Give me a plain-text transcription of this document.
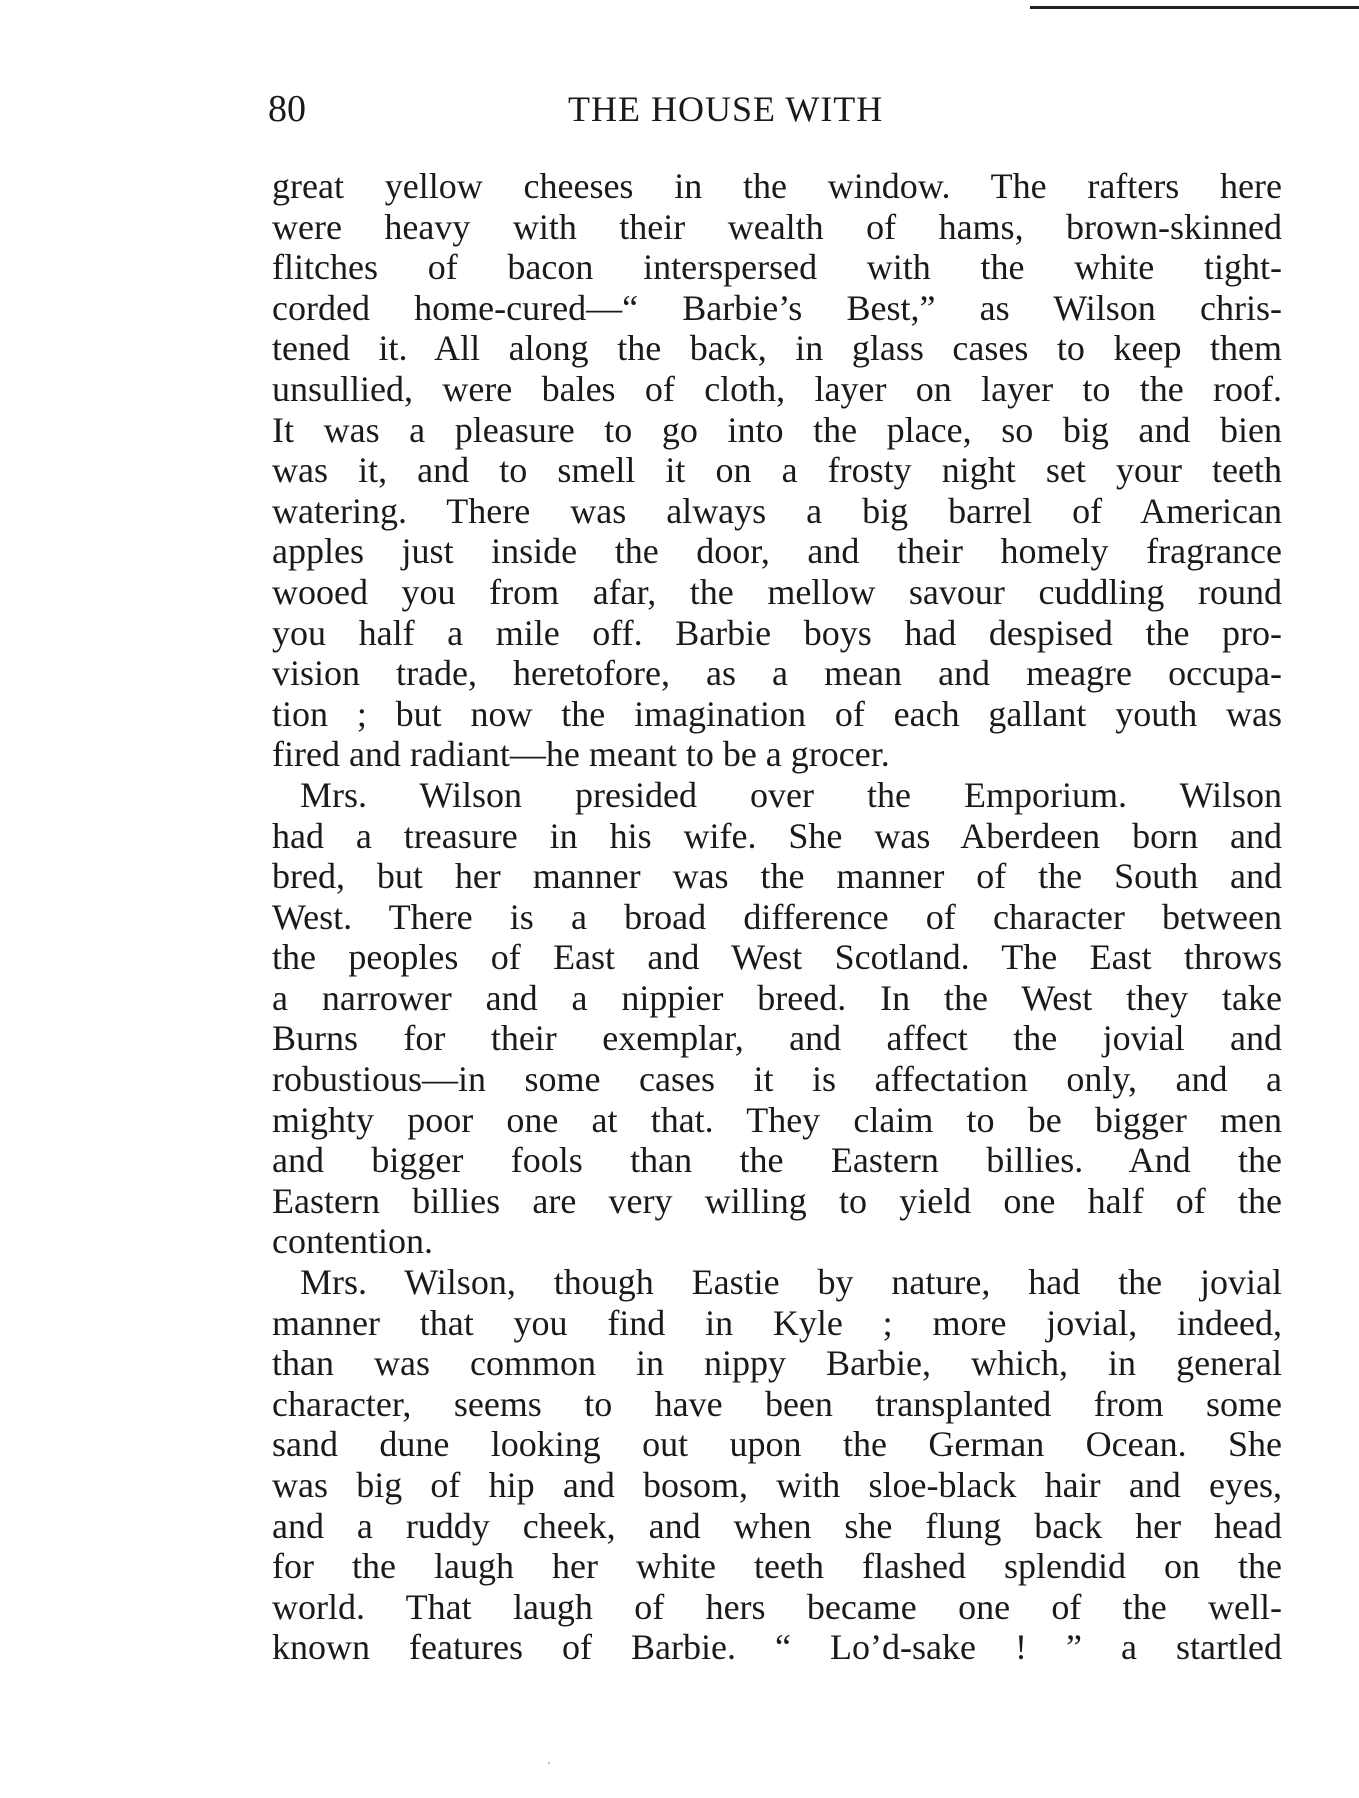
80	THE HOUSE WITH
great yellow cheeses in the window. The rafters here
were heavy with their wealth of hams, brown-skinned
flitches of bacon interspersed with the white tight-
corded home-cured—“ Barbie’s Best,” as Wilson chris-
tened it. All along the back, in glass cases to keep them
unsullied, were bales of cloth, layer on layer to the roof.
It was a pleasure to go into the place, so big and bien
was it, and to smell it on a frosty night set your teeth
watering. There was always a big barrel of American
apples just inside the door, and their homely fragrance
wooed you from afar, the mellow savour cuddling round
you half a mile off. Barbie boys had despised the pro-
vision trade, heretofore, as a mean and meagre occupa-
tion ; but now the imagination of each gallant youth was
fired and radiant—he meant to be a grocer.
Mrs. Wilson presided over the Emporium. Wilson
had a treasure in his wife. She was Aberdeen born and
bred, but her manner was the manner of the South and
West. There is a broad difference of character between
the peoples of East and West Scotland. The East throws
a narrower and a nippier breed. In the West they take
Burns for their exemplar, and affect the jovial and
robustious—in some cases it is affectation only, and a
mighty poor one at that. They claim to be bigger men
and bigger fools than the Eastern billies. And the
Eastern billies are very willing to yield one half of the
contention.
Mrs. Wilson, though Eastie by nature, had the jovial
manner that you find in Kyle ; more jovial, indeed,
than was common in nippy Barbie, which, in general
character, seems to have been transplanted from some
sand dune looking out upon the German Ocean. She
was big of hip and bosom, with sloe-black hair and eyes,
and a ruddy cheek, and when she flung back her head
for the laugh her white teeth flashed splendid on the
world. That laugh of hers became one of the well-
known features of Barbie. “ Lo’d-sake ! ” a startled
